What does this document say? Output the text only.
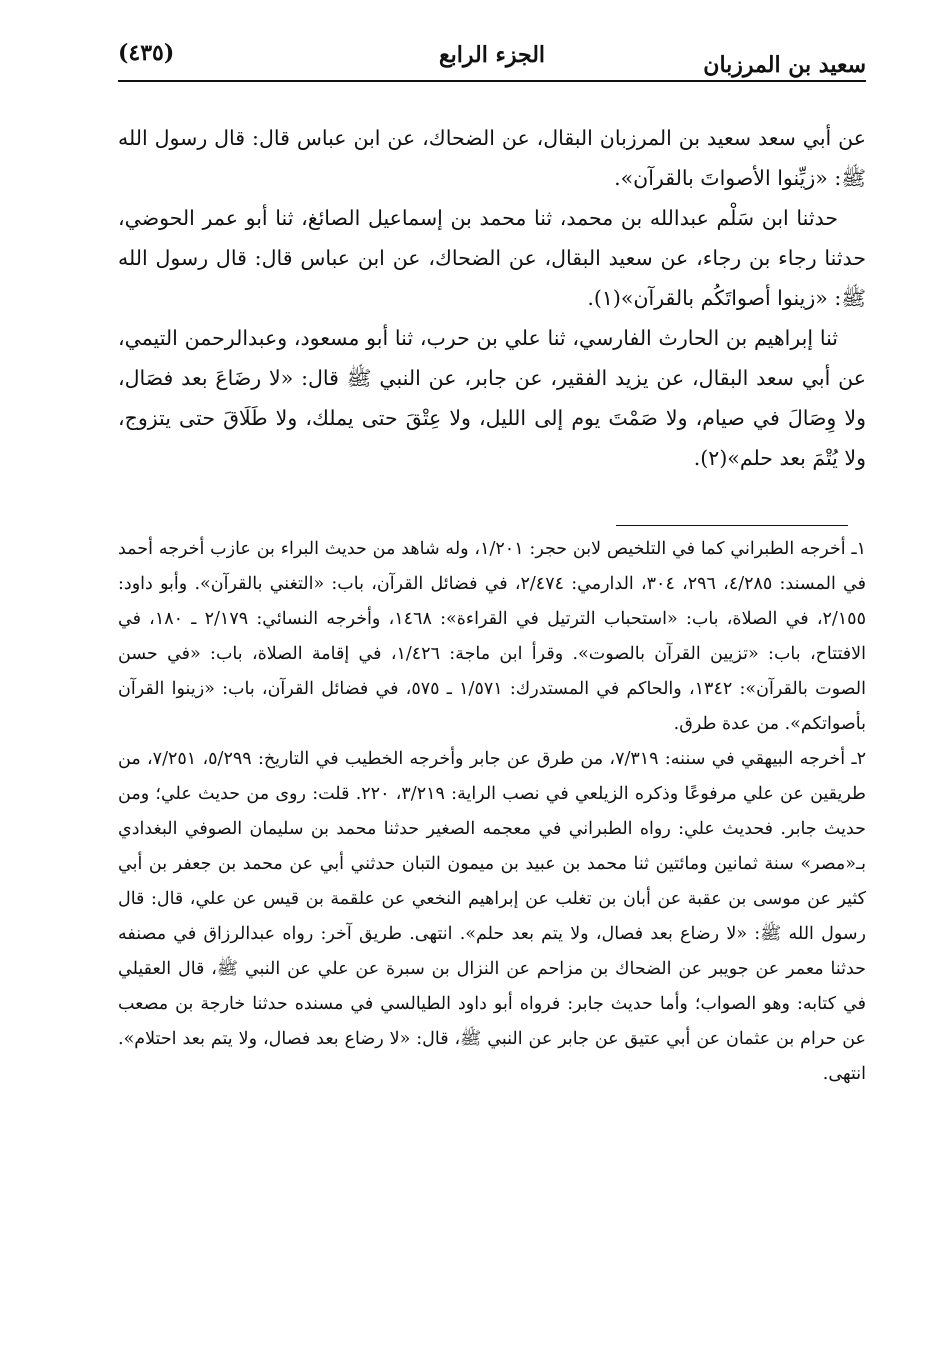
سعيد بن المرزبان
الجزء الرابع
(٤٣٥)

عن أبي سعد سعيد بن المرزبان البقال، عن الضحاك، عن ابن عباس قال: قال رسول الله ﷺ: «زيِّنوا الأصواتَ بالقرآن».

حدثنا ابن سَلْم عبدالله بن محمد، ثنا محمد بن إسماعيل الصائغ، ثنا أبو عمر الحوضي، حدثنا رجاء بن رجاء، عن سعيد البقال، عن الضحاك، عن ابن عباس قال: قال رسول الله ﷺ: «زينوا أصواتَكُم بالقرآن»(١).

ثنا إبراهيم بن الحارث الفارسي، ثنا علي بن حرب، ثنا أبو مسعود، وعبدالرحمن التيمي، عن أبي سعد البقال، عن يزيد الفقير، عن جابر، عن النبي ﷺ قال: «لا رضَاعَ بعد فصَال، ولا وِصَالَ في صيام، ولا صَمْتَ يوم إلى الليل، ولا عِتْقَ حتى يملك، ولا طَلَاقَ حتى يتزوج، ولا يُتْمَ بعد حلم»(٢).

١ـ أخرجه الطبراني كما في التلخيص لابن حجر: ١/٢٠١، وله شاهد من حديث البراء بن عازب أخرجه أحمد في المسند: ٤/٢٨٥، ٢٩٦، ٣٠٤، الدارمي: ٢/٤٧٤، في فضائل القرآن، باب: «التغني بالقرآن». وأبو داود: ٢/١٥٥، في الصلاة، باب: «استحباب الترتيل في القراءة»: ١٤٦٨، وأخرجه النسائي: ٢/١٧٩ ـ ١٨٠، في الافتتاح، باب: «تزيين القرآن بالصوت». وقرأ ابن ماجة: ١/٤٢٦، في إقامة الصلاة، باب: «في حسن الصوت بالقرآن»: ١٣٤٢، والحاكم في المستدرك: ١/٥٧١ ـ ٥٧٥، في فضائل القرآن، باب: «زينوا القرآن بأصواتكم». من عدة طرق.

٢ـ أخرجه البيهقي في سننه: ٧/٣١٩، من طرق عن جابر وأخرجه الخطيب في التاريخ: ٥/٢٩٩، ٧/٢٥١، من طريقين عن علي مرفوعًا وذكره الزيلعي في نصب الراية: ٣/٢١٩، ٢٢٠. قلت: روى من حديث علي؛ ومن حديث جابر. فحديث علي: رواه الطبراني في معجمه الصغير حدثنا محمد بن سليمان الصوفي البغدادي بـ«مصر» سنة ثمانين ومائتين ثنا محمد بن عبيد بن ميمون التبان حدثني أبي عن محمد بن جعفر بن أبي كثير عن موسى بن عقبة عن أبان بن تغلب عن إبراهيم النخعي عن علقمة بن قيس عن علي، قال: قال رسول الله ﷺ: «لا رضاع بعد فصال، ولا يتم بعد حلم». انتهى. طريق آخر: رواه عبدالرزاق في مصنفه حدثنا معمر عن جويبر عن الضحاك بن مزاحم عن النزال بن سبرة عن علي عن النبي ﷺ، قال العقيلي في كتابه: وهو الصواب؛ وأما حديث جابر: فرواه أبو داود الطيالسي في مسنده حدثنا خارجة بن مصعب عن حرام بن عثمان عن أبي عتيق عن جابر عن النبي ﷺ، قال: «لا رضاع بعد فصال، ولا يتم بعد احتلام». انتهى.
